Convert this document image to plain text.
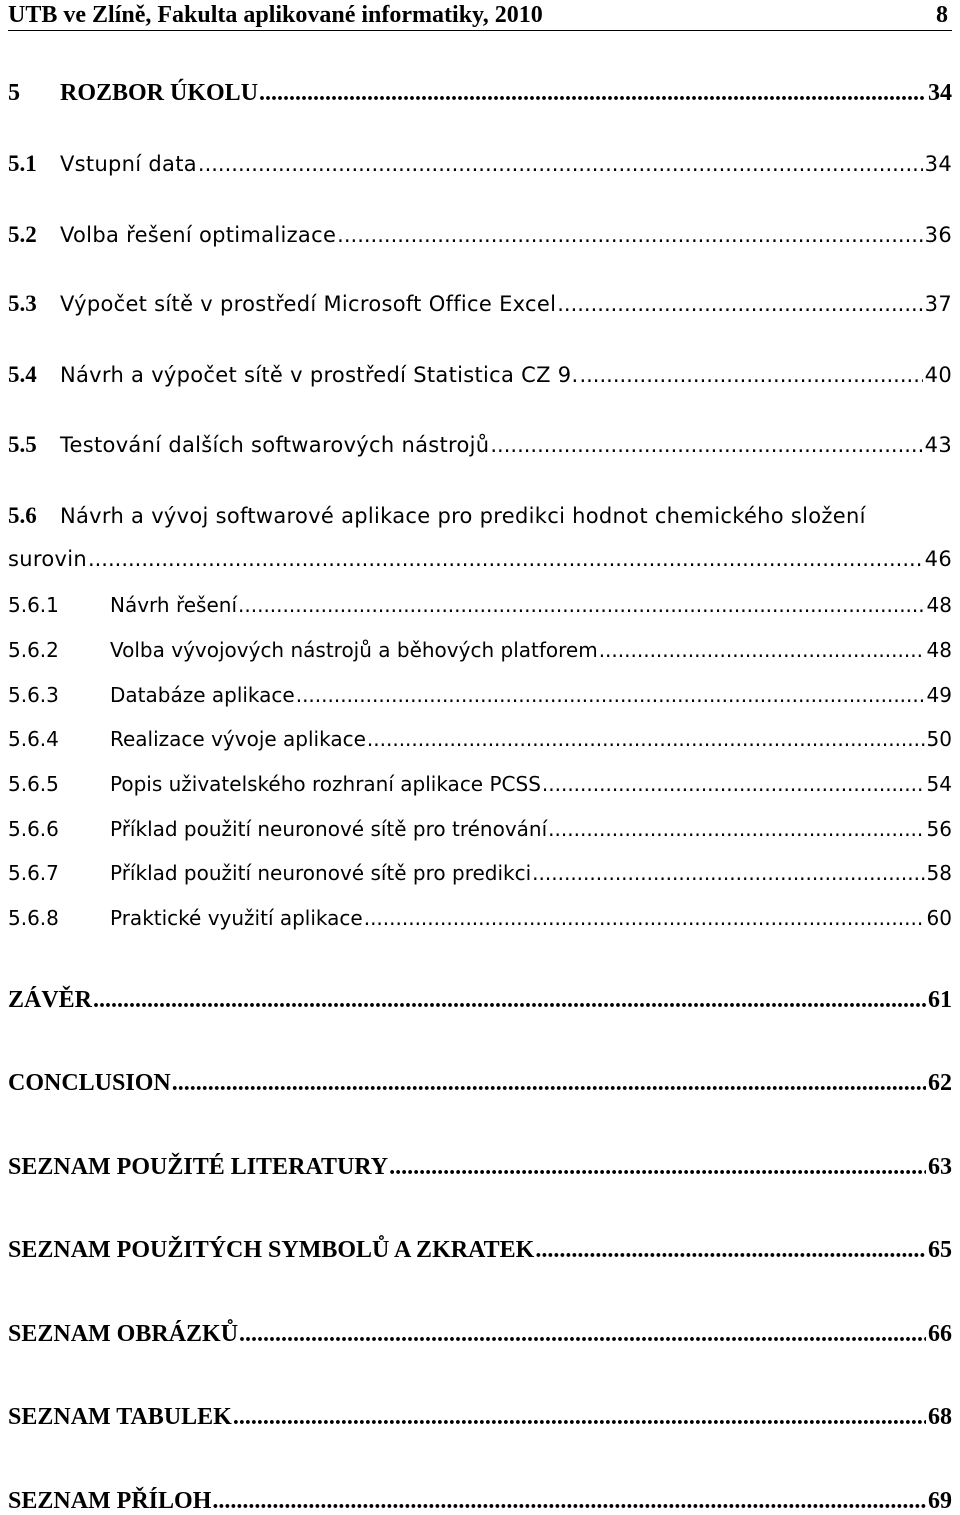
UTB ve Zlíně, Fakulta aplikované informatiky, 2010	8
5	ROZBOR ÚKOLU .....	34
5.1	Vstupní data .....	34
5.2	Volba řešení optimalizace .....	36
5.3	Výpočet sítě v prostředí Microsoft Office Excel .....	37
5.4	Návrh a výpočet sítě v prostředí Statistica CZ 9. .....	40
5.5	Testování dalších softwarových nástrojů .....	43
5.6 Návrh a vývoj softwarové aplikace pro predikci hodnot chemického složení
surovin .....	46
5.6.1	Návrh řešení .....	48
5.6.2	Volba vývojových nástrojů a běhových platforem .....	48
5.6.3	Databáze aplikace .....	49
5.6.4	Realizace vývoje aplikace .....	50
5.6.5	Popis uživatelského rozhraní aplikace PCSS .....	54
5.6.6	Příklad použití neuronové sítě pro trénování .....	56
5.6.7	Příklad použití neuronové sítě pro predikci .....	58
5.6.8	Praktické využití aplikace .....	60
ZÁVĚR .....	61
CONCLUSION .....	62
SEZNAM POUŽITÉ LITERATURY .....	63
SEZNAM POUŽITÝCH SYMBOLŮ A ZKRATEK .....	65
SEZNAM OBRÁZKŮ .....	66
SEZNAM TABULEK .....	68
SEZNAM PŘÍLOH .....	69
